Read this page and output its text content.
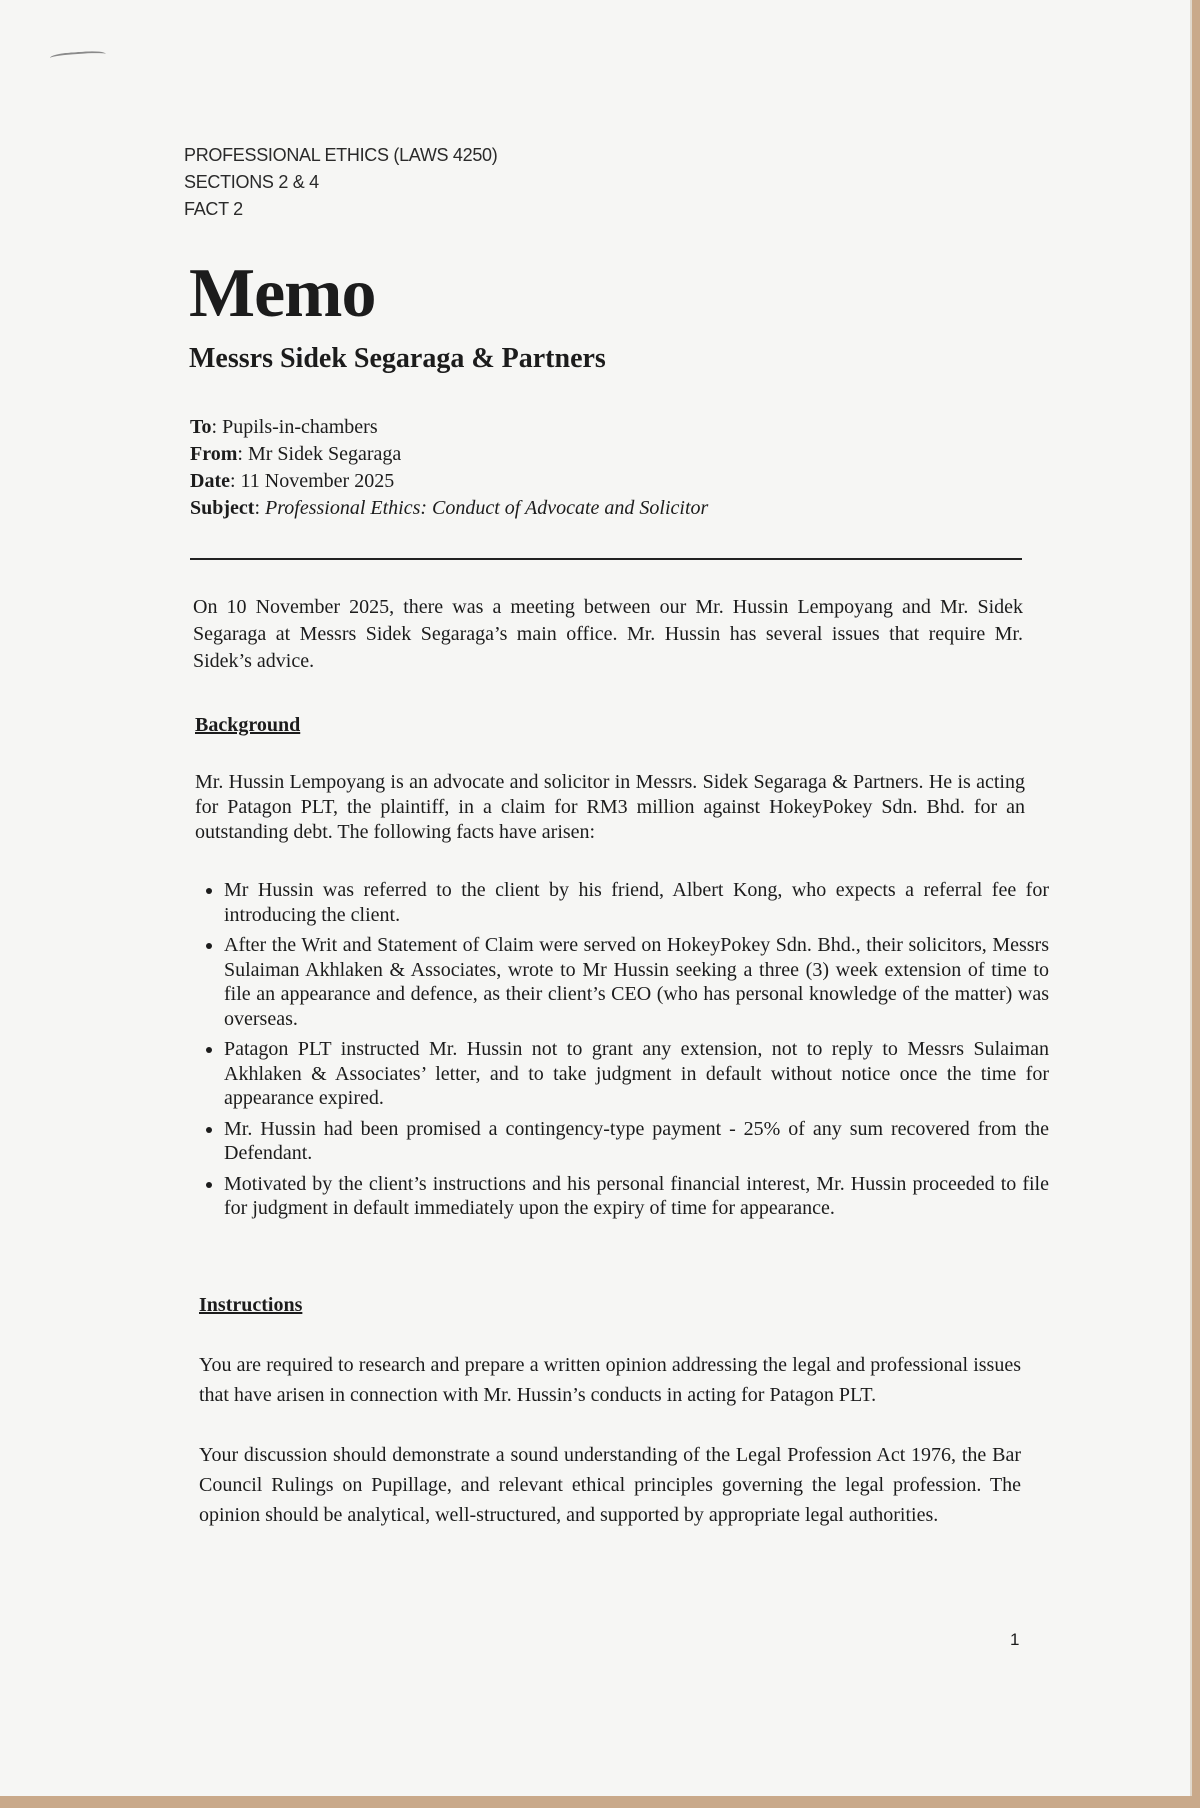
PROFESSIONAL ETHICS (LAWS 4250)
SECTIONS 2 & 4
FACT 2
Memo
Messrs Sidek Segaraga & Partners
To: Pupils-in-chambers
From: Mr Sidek Segaraga
Date: 11 November 2025
Subject: Professional Ethics: Conduct of Advocate and Solicitor
On 10 November 2025, there was a meeting between our Mr. Hussin Lempoyang and Mr. Sidek Segaraga at Messrs Sidek Segaraga’s main office. Mr. Hussin has several issues that require Mr. Sidek’s advice.
Background
Mr. Hussin Lempoyang is an advocate and solicitor in Messrs. Sidek Segaraga & Partners. He is acting for Patagon PLT, the plaintiff, in a claim for RM3 million against HokeyPokey Sdn. Bhd. for an outstanding debt. The following facts have arisen:
• Mr Hussin was referred to the client by his friend, Albert Kong, who expects a referral fee for introducing the client.
• After the Writ and Statement of Claim were served on HokeyPokey Sdn. Bhd., their solicitors, Messrs Sulaiman Akhlaken & Associates, wrote to Mr Hussin seeking a three (3) week extension of time to file an appearance and defence, as their client’s CEO (who has personal knowledge of the matter) was overseas.
• Patagon PLT instructed Mr. Hussin not to grant any extension, not to reply to Messrs Sulaiman Akhlaken & Associates’ letter, and to take judgment in default without notice once the time for appearance expired.
• Mr. Hussin had been promised a contingency-type payment - 25% of any sum recovered from the Defendant.
• Motivated by the client’s instructions and his personal financial interest, Mr. Hussin proceeded to file for judgment in default immediately upon the expiry of time for appearance.
Instructions
You are required to research and prepare a written opinion addressing the legal and professional issues that have arisen in connection with Mr. Hussin’s conducts in acting for Patagon PLT.
Your discussion should demonstrate a sound understanding of the Legal Profession Act 1976, the Bar Council Rulings on Pupillage, and relevant ethical principles governing the legal profession. The opinion should be analytical, well-structured, and supported by appropriate legal authorities.
1
